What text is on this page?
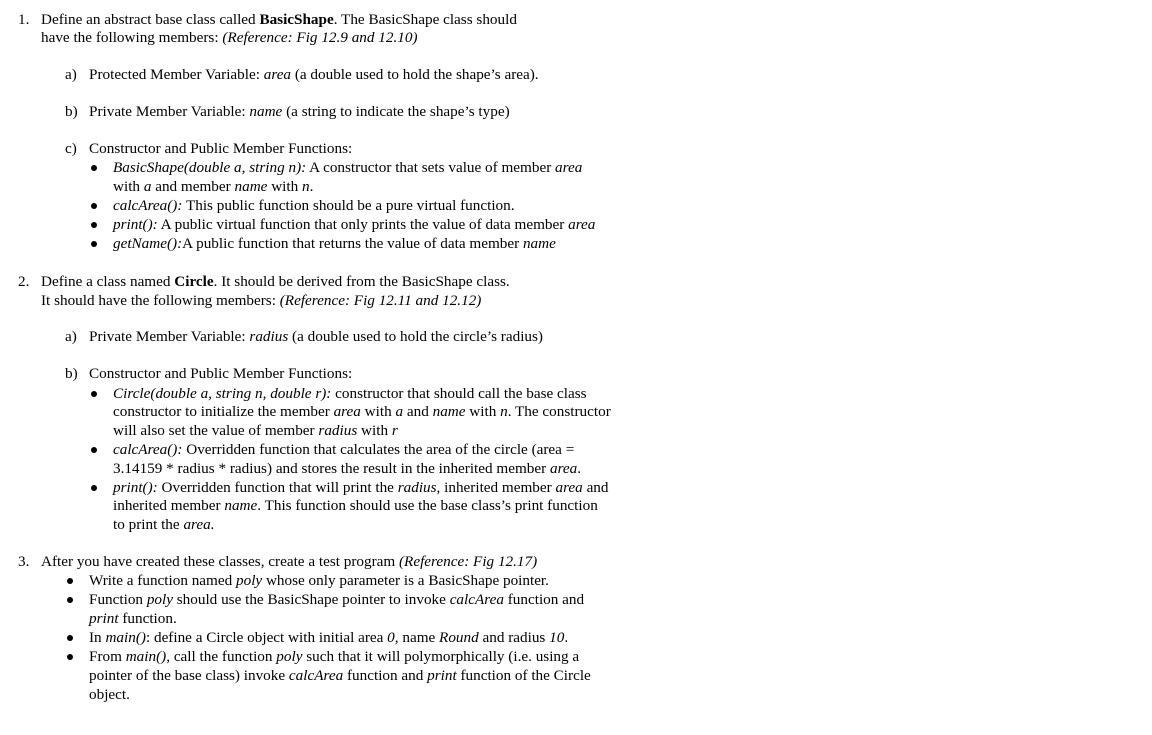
1. Define an abstract base class called BasicShape. The BasicShape class should

have the following members: (Reference: Fig 12.9 and 12.10)

a) Protected Member Variable: area (a double used to hold the shape’s area).

b) Private Member Variable: name (a string to indicate the shape’s type)

c) Constructor and Public Member Functions:

BasicShape(double a, string n): A constructor that sets value of member area

with a and member name with n.

calcArea(): This public function should be a pure virtual function.

print(): A public virtual function that only prints the value of data member area

getName():A public function that returns the value of data member name

2. Define a class named Circle. It should be derived from the BasicShape class.

It should have the following members: (Reference: Fig 12.11 and 12.12)

a) Private Member Variable: radius (a double used to hold the circle’s radius)

b) Constructor and Public Member Functions:

Circle(double a, string n, double r): constructor that should call the base class

constructor to initialize the member area with a and name with n. The constructor

will also set the value of member radius with r

calcArea(): Overridden function that calculates the area of the circle (area =

3.14159 * radius * radius) and stores the result in the inherited member area.

print(): Overridden function that will print the radius, inherited member area and

inherited member name. This function should use the base class’s print function

to print the area.

3. After you have created these classes, create a test program (Reference: Fig 12.17)

Write a function named poly whose only parameter is a BasicShape pointer.

Function poly should use the BasicShape pointer to invoke calcArea function and

print function.

In main(): define a Circle object with initial area 0, name Round and radius 10.

From main(), call the function poly such that it will polymorphically (i.e. using a

pointer of the base class) invoke calcArea function and print function of the Circle

object.
